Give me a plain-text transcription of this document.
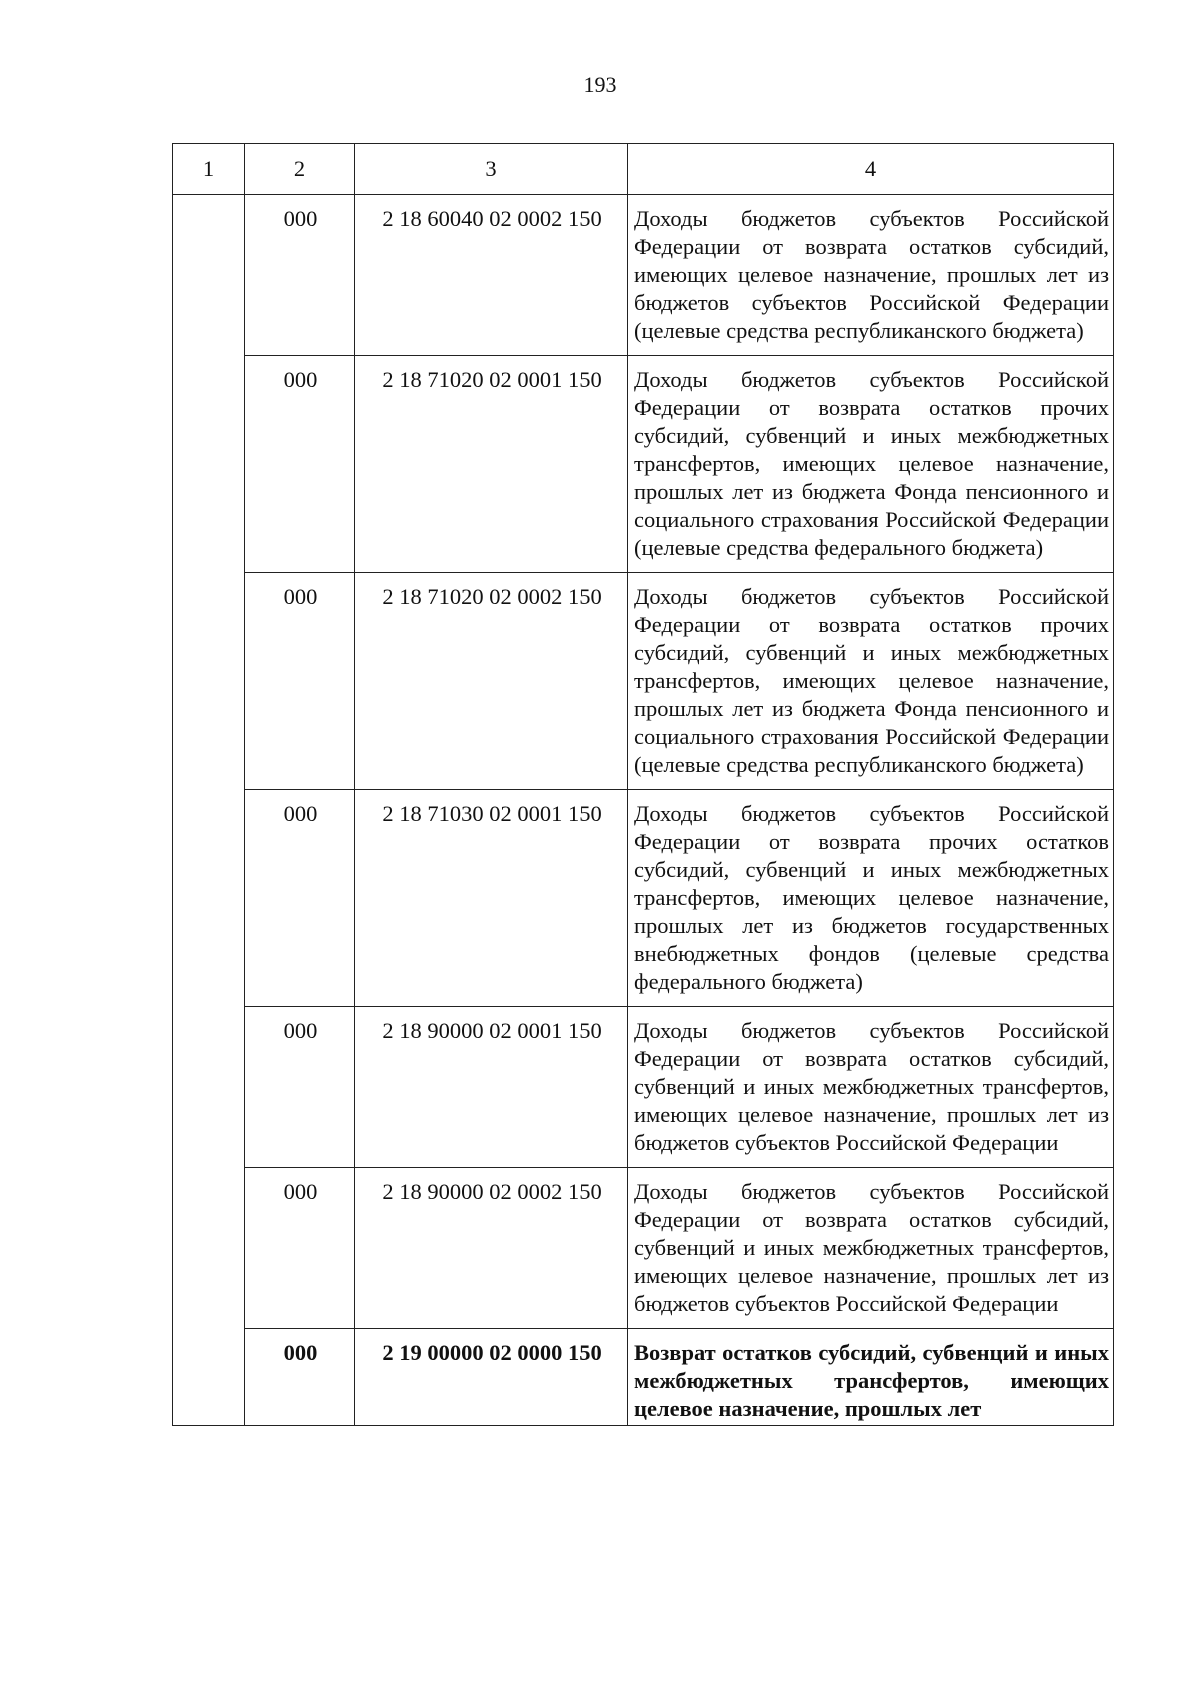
193
1	2	3	4
	000	2 18 60040 02 0002 150	Доходы бюджетов субъектов Российской Федерации от возврата остатков субсидий, имеющих целевое назначение, прошлых лет из бюджетов субъектов Российской Федерации (целевые средства республиканского бюджета)
	000	2 18 71020 02 0001 150	Доходы бюджетов субъектов Российской Федерации от возврата остатков прочих субсидий, субвенций и иных межбюджетных трансфертов, имеющих целевое назначение, прошлых лет из бюджета Фонда пенсионного и социального страхования Российской Федерации (целевые средства федерального бюджета)
	000	2 18 71020 02 0002 150	Доходы бюджетов субъектов Российской Федерации от возврата остатков прочих субсидий, субвенций и иных межбюджетных трансфертов, имеющих целевое назначение, прошлых лет из бюджета Фонда пенсионного и социального страхования Российской Федерации (целевые средства республиканского бюджета)
	000	2 18 71030 02 0001 150	Доходы бюджетов субъектов Российской Федерации от возврата прочих остатков субсидий, субвенций и иных межбюджетных трансфертов, имеющих целевое назначение, прошлых лет из бюджетов государственных внебюджетных фондов (целевые средства федерального бюджета)
	000	2 18 90000 02 0001 150	Доходы бюджетов субъектов Российской Федерации от возврата остатков субсидий, субвенций и иных межбюджетных трансфертов, имеющих целевое назначение, прошлых лет из бюджетов субъектов Российской Федерации
	000	2 18 90000 02 0002 150	Доходы бюджетов субъектов Российской Федерации от возврата остатков субсидий, субвенций и иных межбюджетных трансфертов, имеющих целевое назначение, прошлых лет из бюджетов субъектов Российской Федерации
	000	2 19 00000 02 0000 150	Возврат остатков субсидий, субвенций и иных межбюджетных трансфертов, имеющих целевое назначение, прошлых лет
